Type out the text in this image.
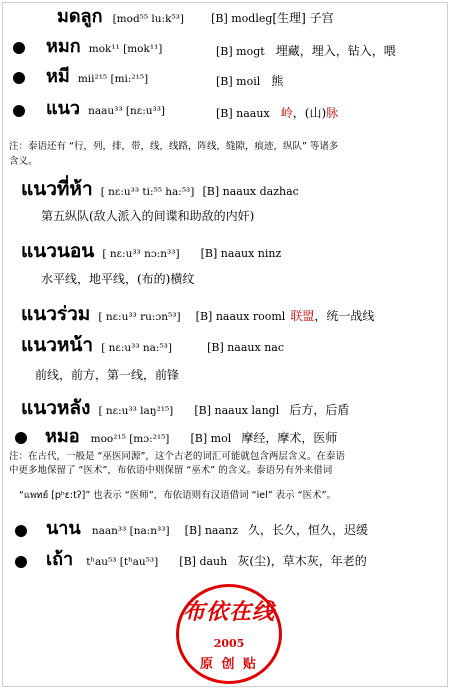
มดลูก [mod⁵⁵ lu:k⁵³] [B] modleg[生理] 子宫
หมก mok¹¹ [mok¹¹]	[B] mogt 埋藏，埋入，钻入，喂
หมี mii²¹⁵ [mi:²¹⁵]	[B] moil 熊
แนว naau³³ [nɛ:u³³]	[B] naaux 岭，(山)脉
注：泰语还有 “行，列，排，带，线，线路，阵线，缝隙，痕迹，纵队” 等诸多
含义。
แนวที่ห้า [ nɛ:u³³ ti:⁵⁵ ha:⁵³] [B] naaux dazhac
第五纵队(敌人派入的间谍和助敌的内奸)
แนวนอน [ nɛ:u³³ nɔ:n³³] [B] naaux ninz
水平线，地平线，(布的)横纹
แนวร่วม [ nɛ:u³³ ru:ɔn⁵³] [B] naaux rooml 联盟，统一战线
แนวหน้า [ nɛ:u³³ na:⁵³]	[B] naaux nac
前线，前方，第一线，前锋
แนวหลัง [ nɛ:u³³ laŋ²¹⁵] [B] naaux langl 后方，后盾
หมอ moo²¹⁵ [mɔ:²¹⁵] [B] mol 摩经，摩术，医师
注：在古代，一般是 “巫医同源”，这个古老的词汇可能就包含两层含义。在泰语
中更多地保留了 “医术”，布依语中则保留 “巫术” 的含义。泰语另有外来借词
“แพทย์ [pʰɛ:tʔ]” 也表示 “医师”，布依语则有汉语借词 “iel” 表示 “医术”。
นาน naan³³ [na:n³³] [B] naanz 久，长久，恒久，迟缓
เถ้า tʰau⁵³ [tʰau⁵³] [B] dauh 灰(尘)，草木灰，年老的
布依在线
2005
原 创 贴
